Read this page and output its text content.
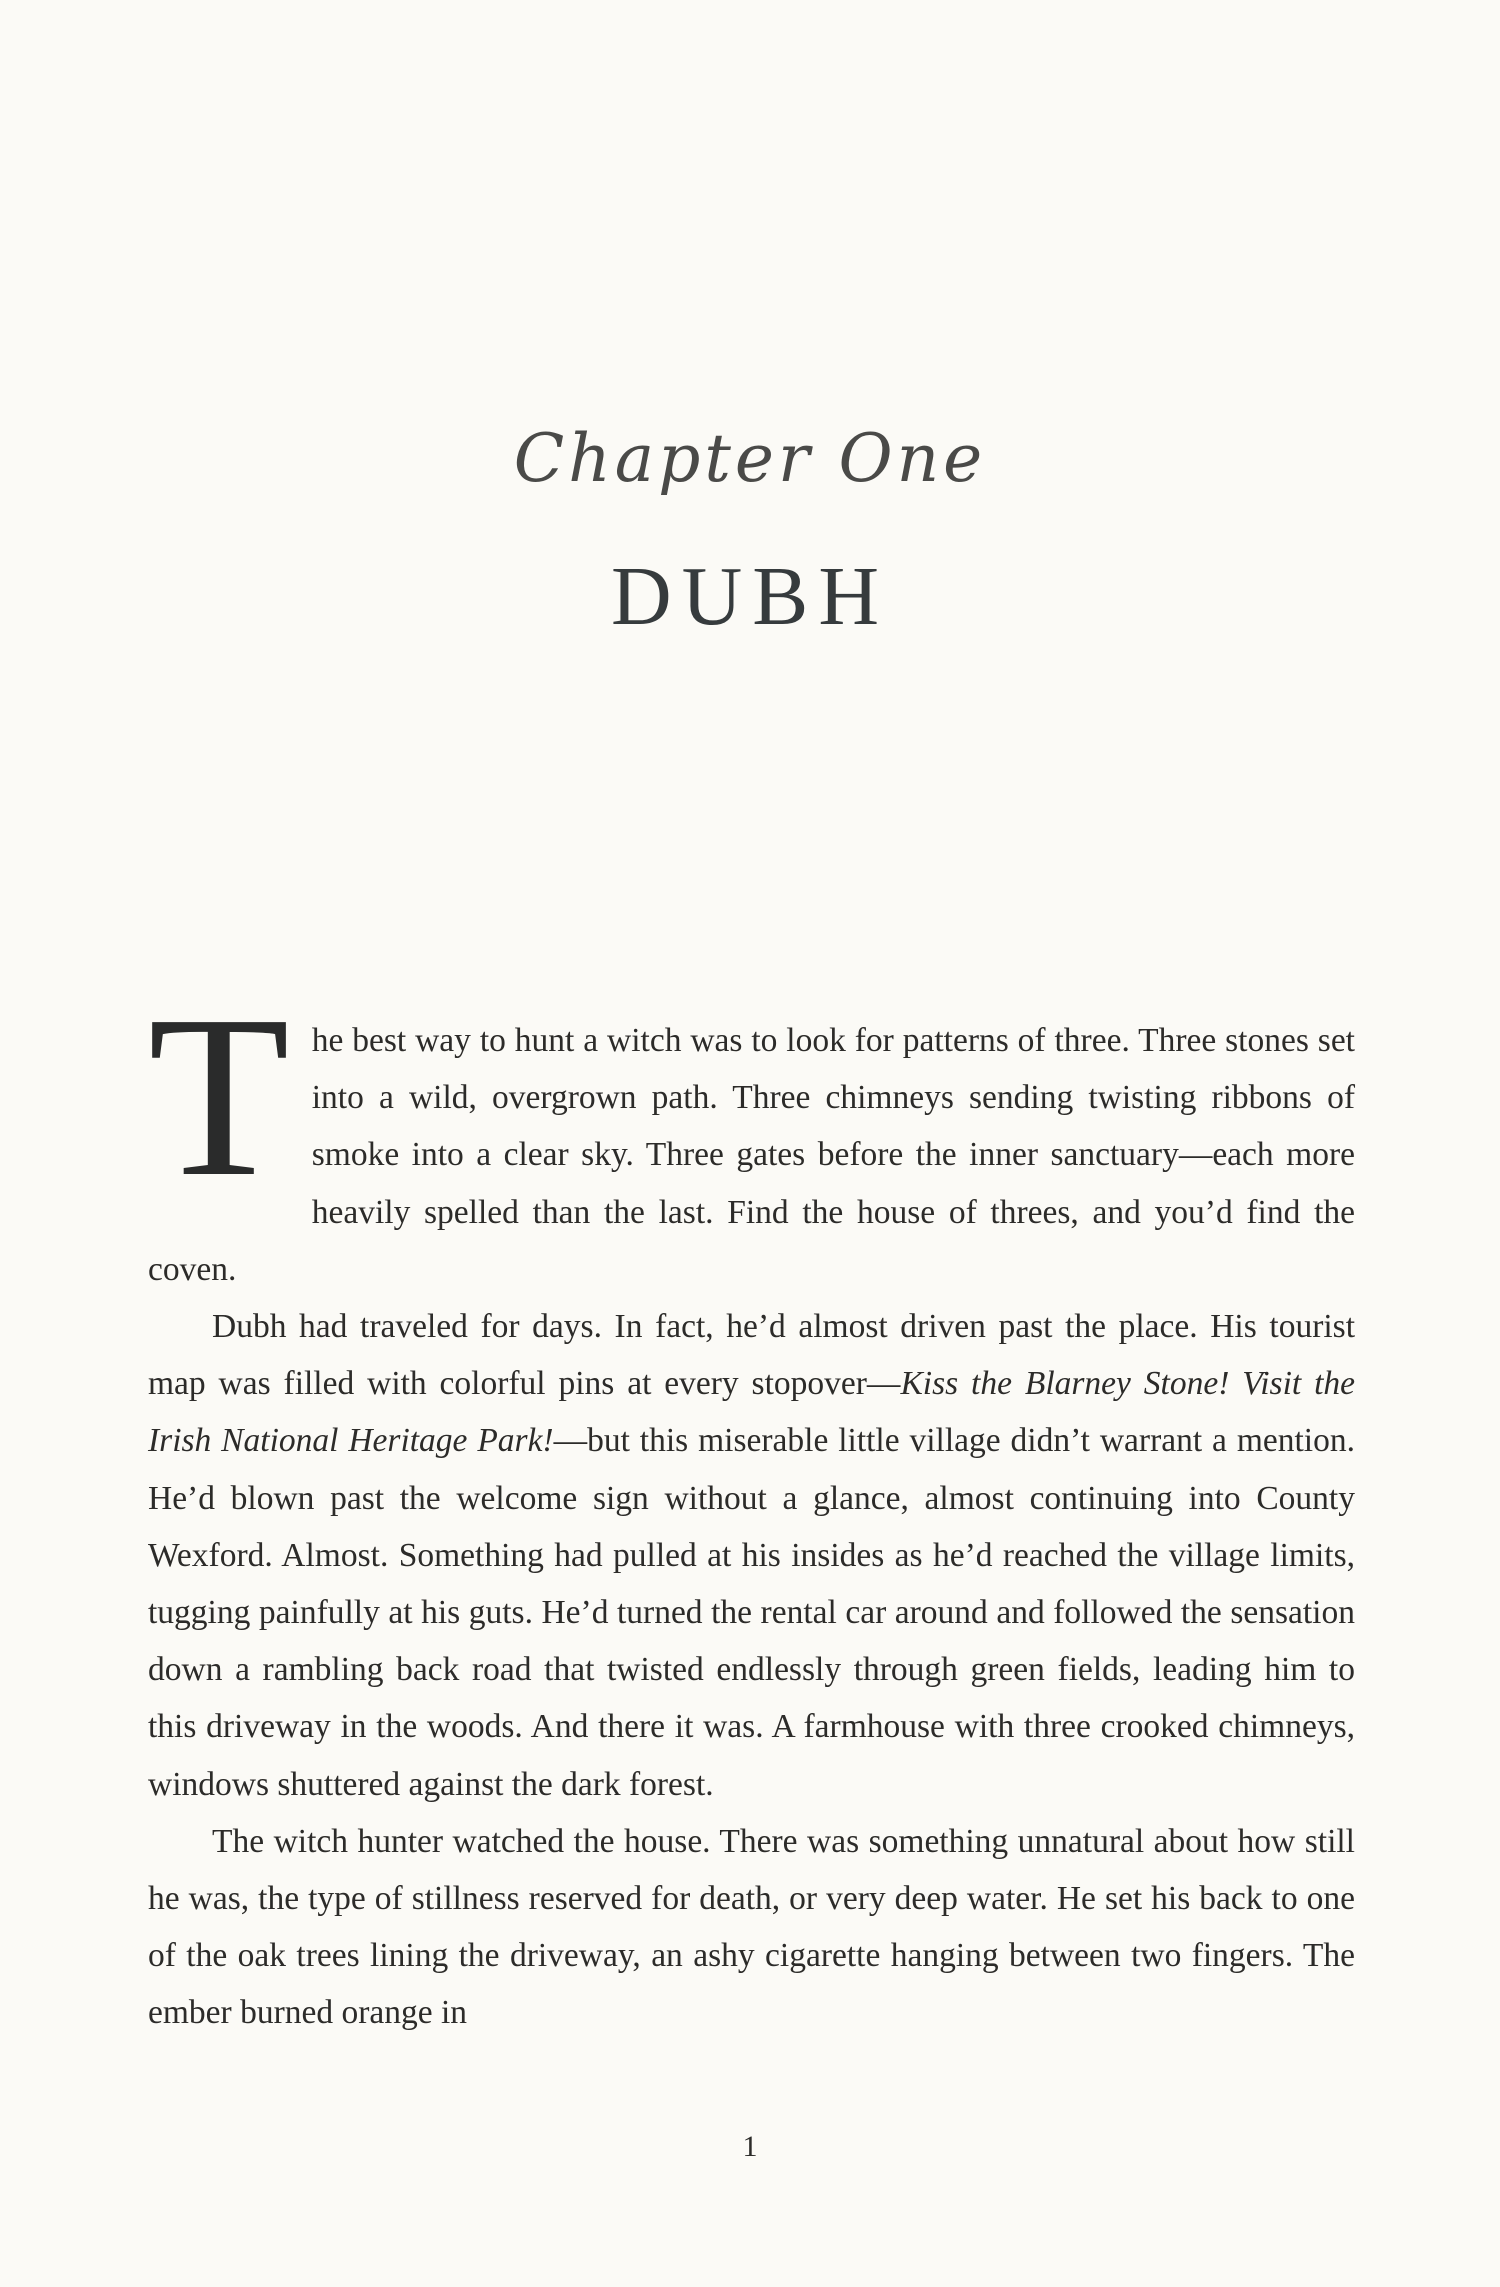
Chapter One
DUBH

The best way to hunt a witch was to look for patterns of three. Three stones set into a wild, overgrown path. Three chimneys sending twisting ribbons of smoke into a clear sky. Three gates before the inner sanctuary—each more heavily spelled than the last. Find the house of threes, and you’d find the coven.

Dubh had traveled for days. In fact, he’d almost driven past the place. His tourist map was filled with colorful pins at every stopover—Kiss the Blarney Stone! Visit the Irish National Heritage Park!—but this miserable little village didn’t warrant a mention. He’d blown past the welcome sign without a glance, almost continuing into County Wexford. Almost. Something had pulled at his insides as he’d reached the village limits, tugging painfully at his guts. He’d turned the rental car around and followed the sensation down a rambling back road that twisted endlessly through green fields, leading him to this driveway in the woods. And there it was. A farmhouse with three crooked chimneys, windows shuttered against the dark forest.

The witch hunter watched the house. There was something unnatural about how still he was, the type of stillness reserved for death, or very deep water. He set his back to one of the oak trees lining the driveway, an ashy cigarette hanging between two fingers. The ember burned orange in

1
